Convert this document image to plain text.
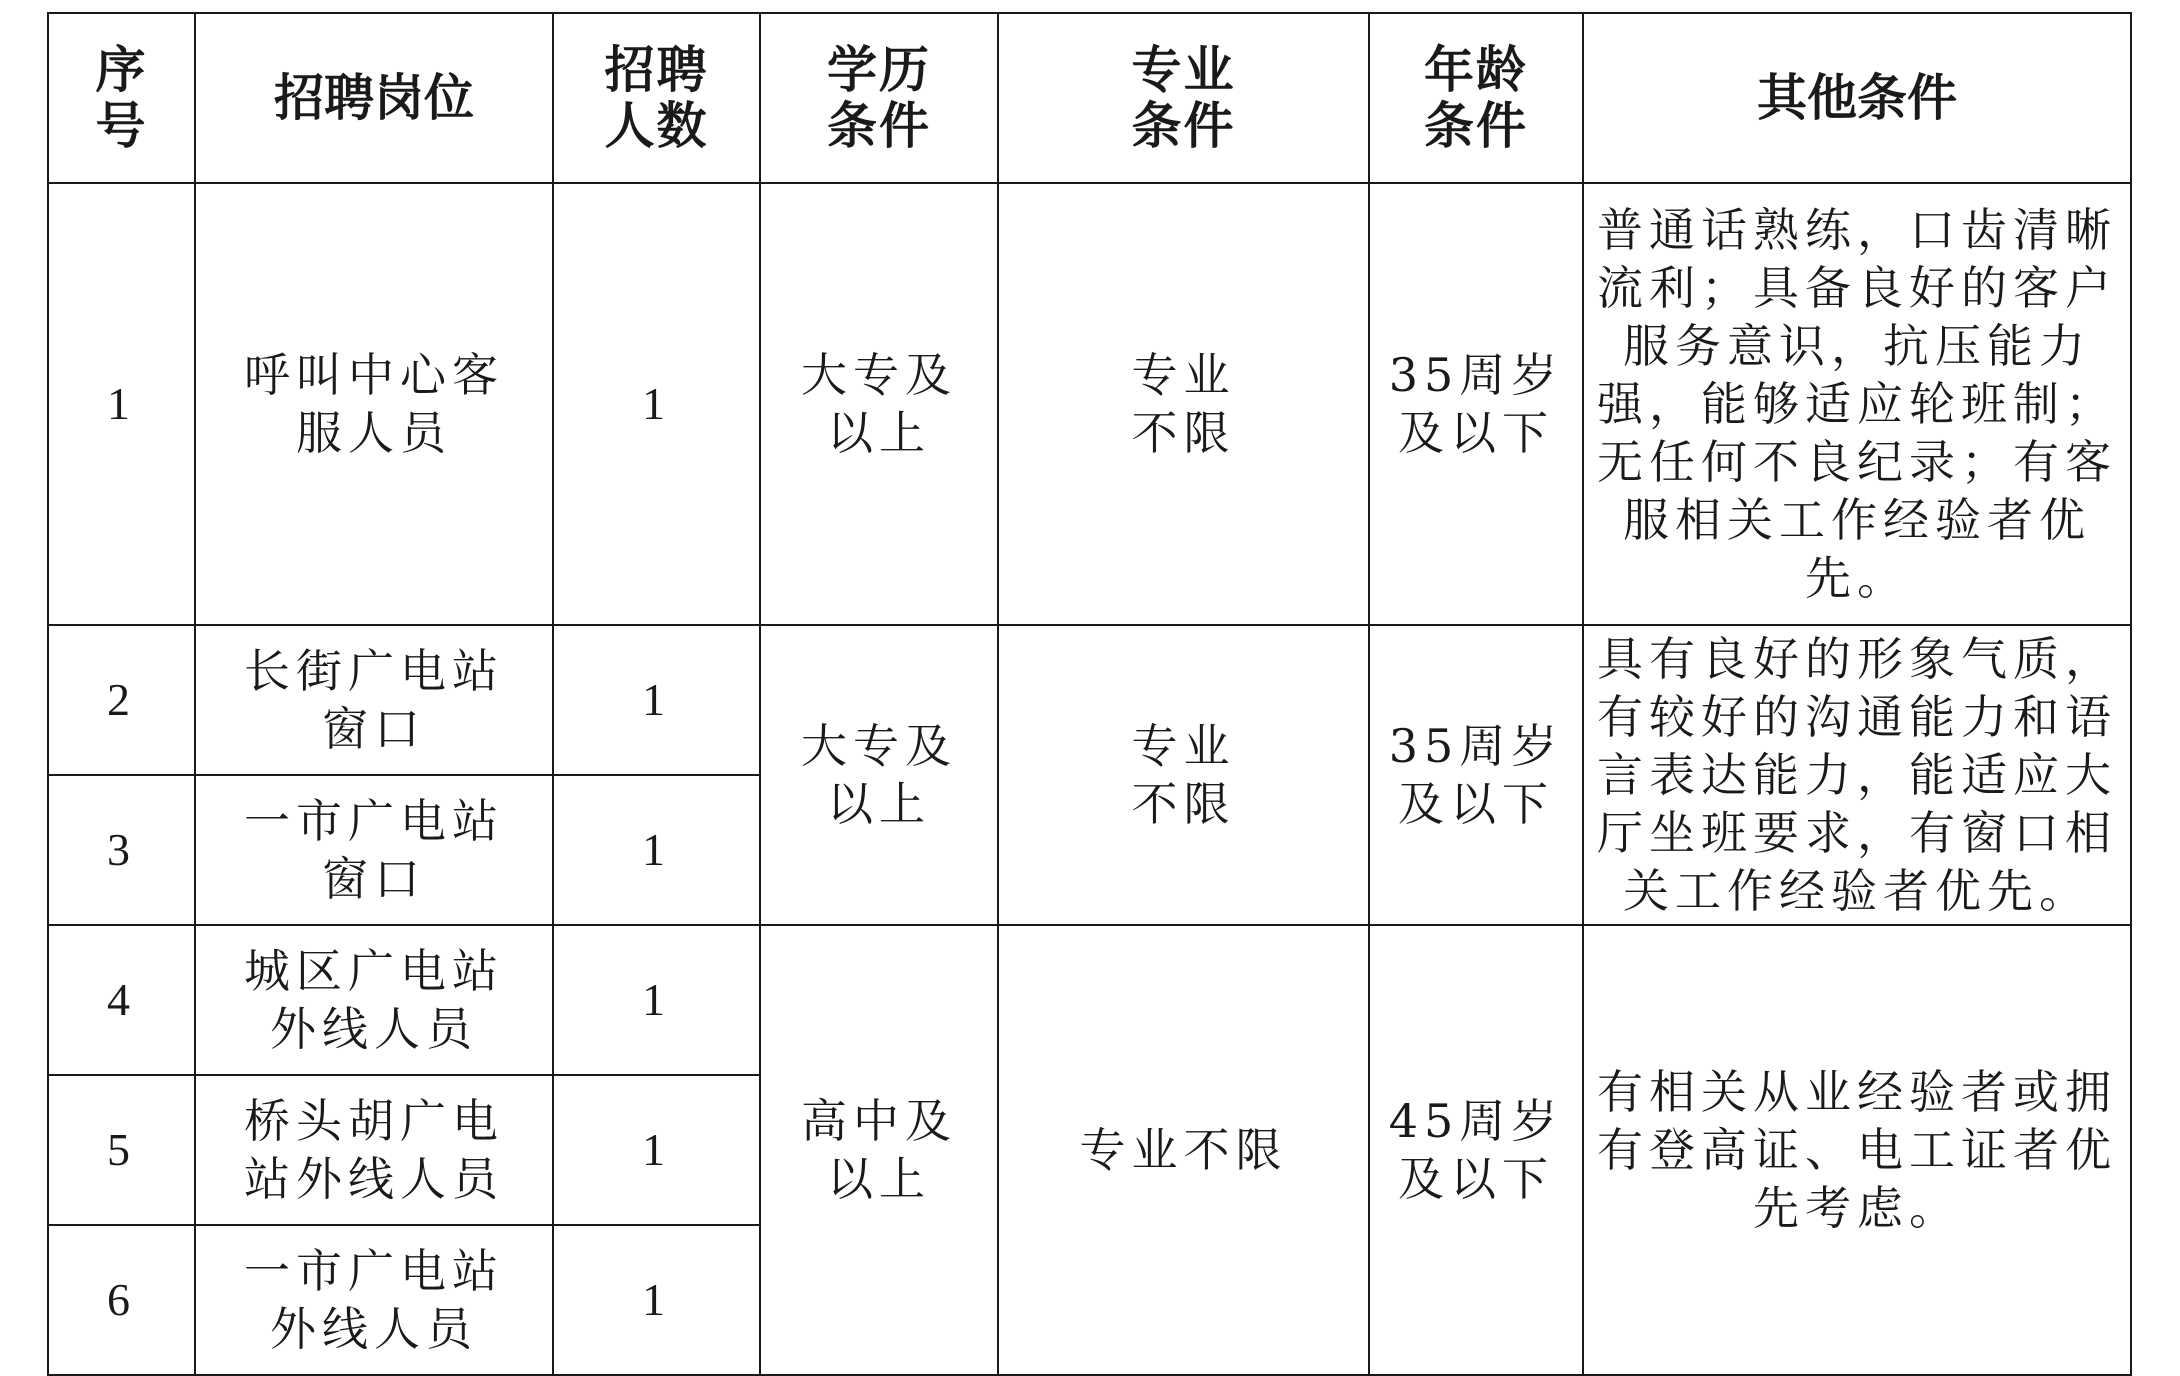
序号	招聘岗位	招聘人数	学历条件	专业条件	年龄条件	其他条件
1	呼叫中心客服人员	1	大专及以上	专业不限	35周岁及以下	普通话熟练，口齿清晰流利；具备良好的客户服务意识，抗压能力强，能够适应轮班制；无任何不良纪录；有客服相关工作经验者优先。

2	长街广电站窗口	1	大专及以上	专业不限	35周岁及以下	具有良好的形象气质，有较好的沟通能力和语言表达能力，能适应大厅坐班要求，有窗口相关工作经验者优先。

3	一市广电站窗口	1				
4	城区广电站外线人员	1	高中及以上	专业不限	45周岁及以下	有相关从业经验者或拥有登高证、电工证者优先考虑。

5	桥头胡广电站外线人员	1				
6	一市广电站外线人员	1				
